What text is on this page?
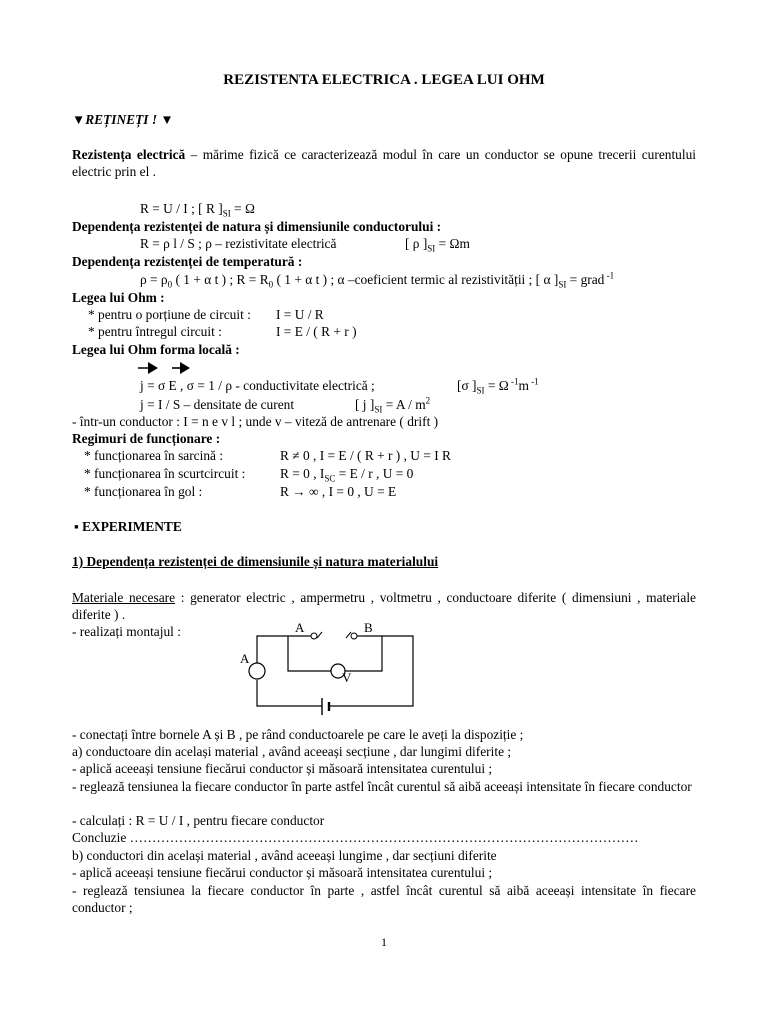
REZISTENTA ELECTRICA . LEGEA LUI OHM
▼REȚINEȚI ! ▼
Rezistența electrică – mărime fizică ce caracterizează modul în care un conductor se opune trecerii curentului electric prin el .
R = U / I ; [ R ]$_{SI} = \Omega$
Dependența rezistenței de natura și dimensiunile conductorului :
R = ρ l / S ; ρ – rezistivitate electrică	[ ρ ]$_{SI} = \Omega m$
Dependența rezistenței de temperatură :
$\rho = \rho_0$ ( 1 + α t ) ; $R = R_0$ ( 1 + α t ) ; α –coeficient termic al rezistivității ; [ α ]$_{SI}$ = grad $^{-1}$
Legea lui Ohm :
* pentru o porțiune de circuit : I = U / R
* pentru întregul circuit :	I = E / ( R + r )
Legea lui Ohm forma locală :
j = σ E , σ = 1 / ρ - conductivitate electrică ;	[σ ]$_{SI} = \Omega$ $^{-1}$m $^{-1}$
j = I / S – densitate de curent	[ j ]$_{SI} = A / m^2$
- într-un conductor : I = n e v l ; unde v – viteză de antrenare ( drift )
Regimuri de funcționare :
* funcționarea în sarcină :	R ≠ 0 , I = E / ( R + r ) , U = I R
* funcționarea în scurtcircuit :	R = 0 , $I_{SC} = E / r$ , U = 0
* funcționarea în gol :	R → ∞ , I = 0 , U = E
▪ EXPERIMENTE
1) Dependența rezistenței de dimensiunile și natura materialului
Materiale necesare : generator electric , ampermetru , voltmetru , conductoare diferite ( dimensiuni , materiale diferite ) .
- realizați montajul :
A
A	B
V
- conectați între bornele A și B , pe rând conductoarele pe care le aveți la dispoziție ;
a) conductoare din același material , având aceeași secțiune , dar lungimi diferite ;
- aplică aceeași tensiune fiecărui conductor și măsoară intensitatea curentului ;
- reglează tensiunea la fiecare conductor în parte astfel încât curentul să aibă aceeași intensitate în fiecare conductor
- calculați : R = U / I , pentru fiecare conductor
Concluzie ……………………………………………………………………………………………………
b) conductori din același material , având aceeași lungime , dar secțiuni diferite
- aplică aceeași tensiune fiecărui conductor și măsoară intensitatea curentului ;
- reglează tensiunea la fiecare conductor în parte , astfel încât curentul să aibă aceeași intensitate în fiecare conductor ;
1
